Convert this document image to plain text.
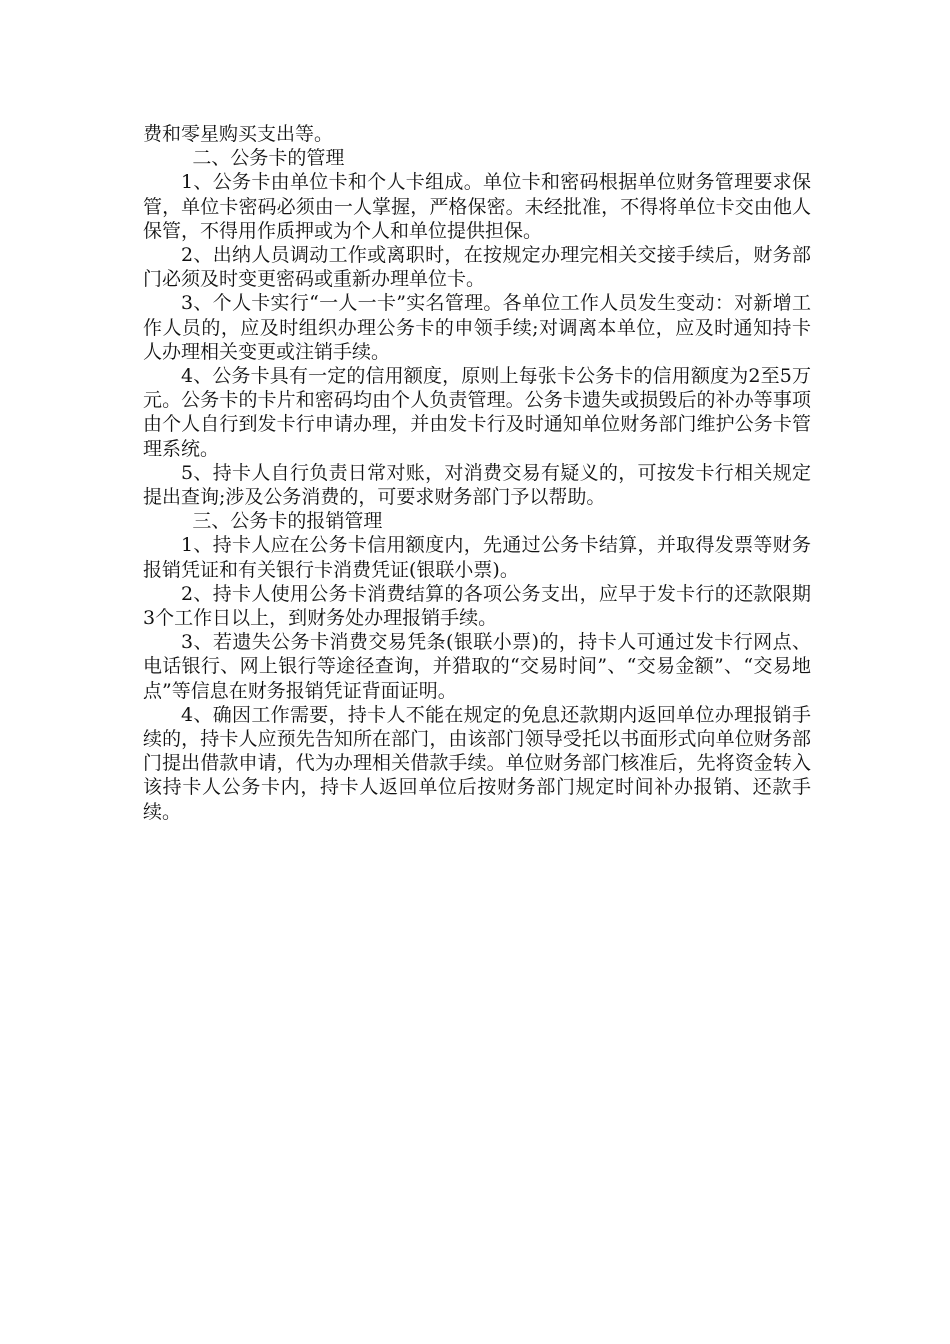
费和零星购买支出等。

二、公务卡的管理

1、公务卡由单位卡和个人卡组成。单位卡和密码根据单位财务管理要求保管，单位卡密码必须由一人掌握，严格保密。未经批准，不得将单位卡交由他人保管，不得用作质押或为个人和单位提供担保。

2、出纳人员调动工作或离职时，在按规定办理完相关交接手续后，财务部门必须及时变更密码或重新办理单位卡。

3、个人卡实行“一人一卡”实名管理。各单位工作人员发生变动：对新增工作人员的，应及时组织办理公务卡的申领手续;对调离本单位，应及时通知持卡人办理相关变更或注销手续。

4、公务卡具有一定的信用额度，原则上每张卡公务卡的信用额度为2至5万元。公务卡的卡片和密码均由个人负责管理。公务卡遗失或损毁后的补办等事项由个人自行到发卡行申请办理，并由发卡行及时通知单位财务部门维护公务卡管理系统。

5、持卡人自行负责日常对账，对消费交易有疑义的，可按发卡行相关规定提出查询;涉及公务消费的，可要求财务部门予以帮助。

三、公务卡的报销管理

1、持卡人应在公务卡信用额度内，先通过公务卡结算，并取得发票等财务报销凭证和有关银行卡消费凭证(银联小票)。

2、持卡人使用公务卡消费结算的各项公务支出，应早于发卡行的还款限期3个工作日以上，到财务处办理报销手续。

3、若遗失公务卡消费交易凭条(银联小票)的，持卡人可通过发卡行网点、电话银行、网上银行等途径查询，并猎取的“交易时间”、“交易金额”、“交易地点”等信息在财务报销凭证背面证明。

4、确因工作需要，持卡人不能在规定的免息还款期内返回单位办理报销手续的，持卡人应预先告知所在部门，由该部门领导受托以书面形式向单位财务部门提出借款申请，代为办理相关借款手续。单位财务部门核准后，先将资金转入该持卡人公务卡内，持卡人返回单位后按财务部门规定时间补办报销、还款手续。
